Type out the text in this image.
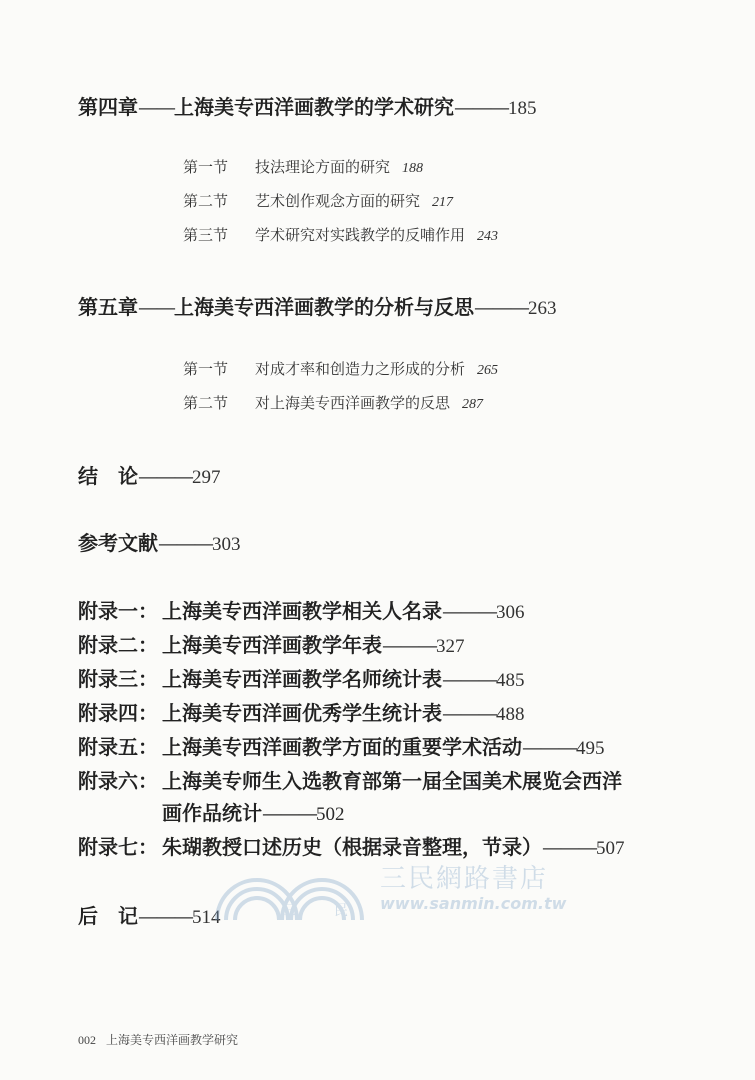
第四章——上海美专西洋画教学的学术研究———185
第一节 技法理论方面的研究 188
第二节 艺术创作观念方面的研究 217
第三节 学术研究对实践教学的反哺作用 243
第五章——上海美专西洋画教学的分析与反思———263
第一节 对成才率和创造力之形成的分析 265
第二节 对上海美专西洋画教学的反思 287
结　论———297
参考文献———303
附录一： 上海美专西洋画教学相关人名录———306
附录二： 上海美专西洋画教学年表———327
附录三： 上海美专西洋画教学名师统计表———485
附录四： 上海美专西洋画优秀学生统计表———488
附录五： 上海美专西洋画教学方面的重要学术活动———495
附录六： 上海美专师生入选教育部第一届全国美术展览会西洋
画作品统计———502
附录七： 朱瑚教授口述历史（根据录音整理，节录）———507
后　记———514	三	民
三民網路書店
www.sanmin.com.tw
002 上海美专西洋画教学研究
